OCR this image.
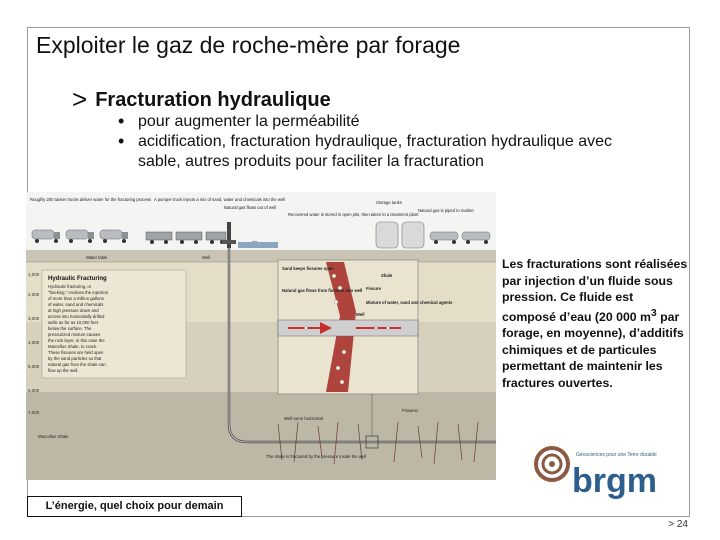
Exploiter le gaz de roche-mère par forage
> Fracturation hydraulique
• pour augmenter la perméabilité
• acidification, fracturation hydraulique, fracturation hydraulique avec sable, autres produits pour faciliter la fracturation
Roughly 200 tanker trucks deliver water for the fracturing process A pumper truck injects a mix of sand, water and chemicals into the well
Natural gas flows out of well
Recovered water is stored in open pits, then taken to a treatment plant
Storage tanks
Natural gas is piped to market
Water table	Well
1,000
2,000
3,000
4,000
5,000
6,000
7,000
Hydraulic Fracturing
Hydraulic fracturing, or
"fracking," involves the injection
of more than a million gallons
of water, sand and chemicals
at high pressure down and
across into horizontally drilled
wells as far as 10,000 feet
below the surface. The
pressurized mixture causes
the rock layer, in this case the
Marcellus Shale, to crack.
These fissures are held open
by the sand particles so that
natural gas from the shale can
flow up the well.
Sand keeps fissures open
Natural gas flows from fissures into well
Shale
Fissure
Mixture of water, sand and chemical agents
Well
Fissures
Well turns horizontal
Marcellus Shale
The shale is fractured by the pressure inside the well
Les fracturations sont réalisées par injection d’un fluide sous pression. Ce fluide est composé d’eau (20 000 $m^3$ par forage, en moyenne), d’additifs chimiques et de particules permettant de maintenir les fractures ouvertes.
Géosciences pour une Terre durable
brgm
L’énergie, quel choix pour demain
> 24
